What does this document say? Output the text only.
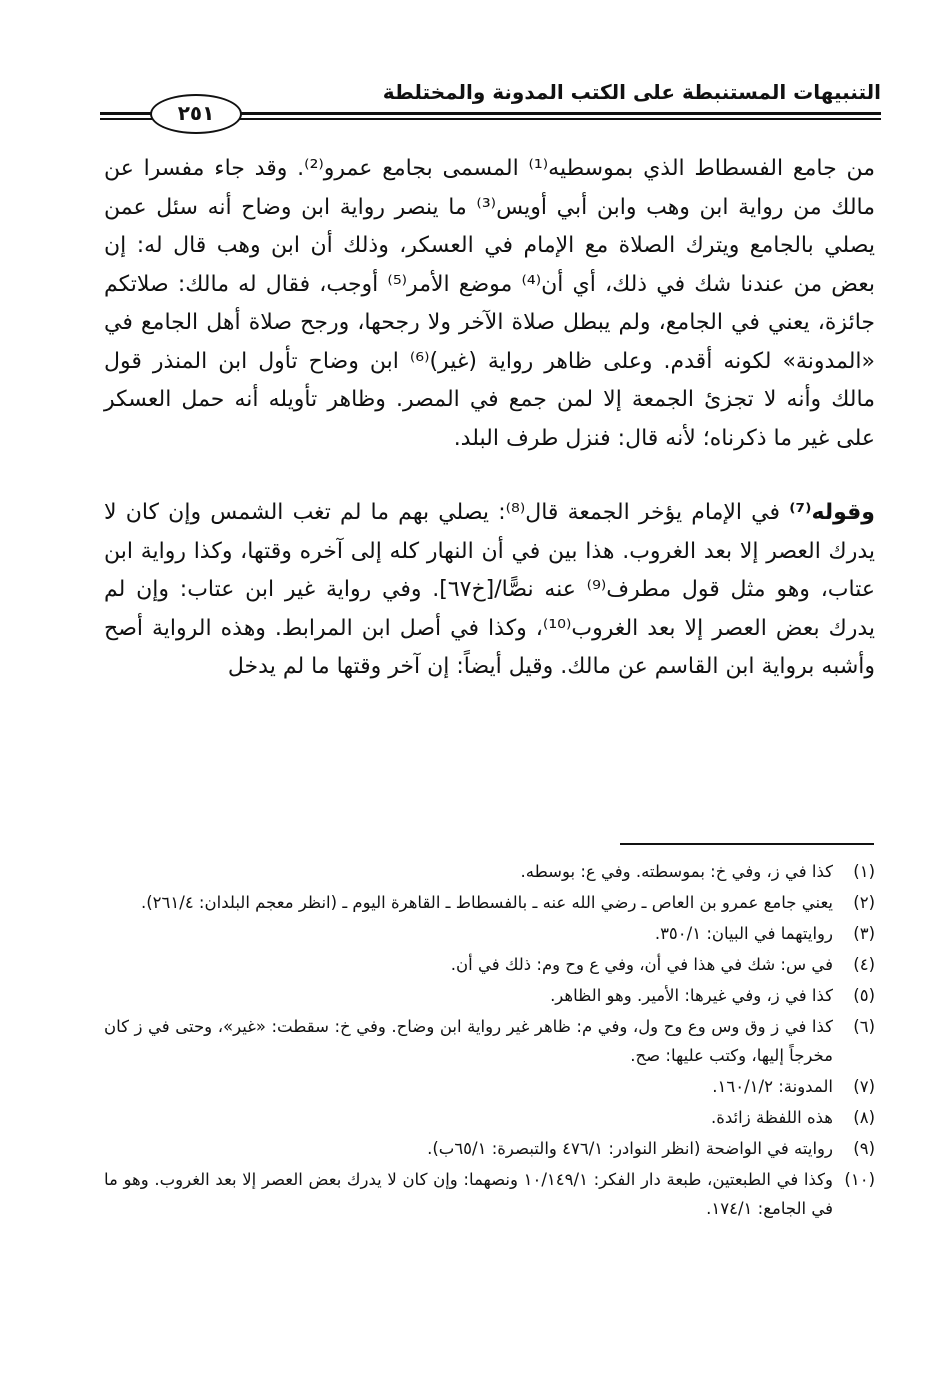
التنبيهات المستنبطة على الكتب المدونة والمختلطة
٢٥١

من جامع الفسطاط الذي بموسطيه⁽¹⁾ المسمى بجامع عمرو⁽²⁾. وقد جاء مفسرا عن مالك من رواية ابن وهب وابن أبي أويس⁽³⁾ ما ينصر رواية ابن وضاح أنه سئل عمن يصلي بالجامع ويترك الصلاة مع الإمام في العسكر، وذلك أن ابن وهب قال له: إن بعض من عندنا شك في ذلك، أي أن⁽⁴⁾ موضع الأمر⁽⁵⁾ أوجب، فقال له مالك: صلاتكم جائزة، يعني في الجامع، ولم يبطل صلاة الآخر ولا رجحها، ورجح صلاة أهل الجامع في «المدونة» لكونه أقدم. وعلى ظاهر رواية (غير)⁽⁶⁾ ابن وضاح تأول ابن المنذر قول مالك وأنه لا تجزئ الجمعة إلا لمن جمع في المصر. وظاهر تأويله أنه حمل العسكر على غير ما ذكرناه؛ لأنه قال: فنزل طرف البلد.

وقوله⁽⁷⁾ في الإمام يؤخر الجمعة قال⁽⁸⁾: يصلي بهم ما لم تغب الشمس وإن كان لا يدرك العصر إلا بعد الغروب. هذا بين في أن النهار كله إلى آخره وقتها، وكذا رواية ابن عتاب، وهو مثل قول مطرف⁽⁹⁾ عنه نصًّا/[خ٦٧]. وفي رواية غير ابن عتاب: وإن لم يدرك بعض العصر إلا بعد الغروب⁽¹⁰⁾، وكذا في أصل ابن المرابط. وهذه الرواية أصح وأشبه برواية ابن القاسم عن مالك. وقيل أيضاً: إن آخر وقتها ما لم يدخل

(١)
كذا في ز، وفي خ: بموسطته. وفي ع: بوسطه.
(٢)
يعني جامع عمرو بن العاص ـ رضي الله عنه ـ بالفسطاط ـ القاهرة اليوم ـ (انظر معجم البلدان: ٢٦١/٤).
(٣)
روايتهما في البيان: ٣٥٠/١.
(٤)
في س: شك في هذا في أن، وفي ع وح وم: ذلك في أن.
(٥)
كذا في ز، وفي غيرها: الأمير. وهو الظاهر.
(٦)
كذا في ز وق وس وع وح ول، وفي م: ظاهر غير رواية ابن وضاح. وفي خ: سقطت: «غير»، وحتى في ز كان مخرجاً إليها، وكتب عليها: صح.
(٧)
المدونة: ١٦٠/١/٢.
(٨)
هذه اللفظة زائدة.
(٩)
روايته في الواضحة (انظر النوادر: ٤٧٦/١ والتبصرة: ٦٥/١ب).
(١٠)
وكذا في الطبعتين، طبعة دار الفكر: ١٠/١٤٩/١ ونصهما: وإن كان لا يدرك بعض العصر إلا بعد الغروب. وهو ما في الجامع: ١٧٤/١.
